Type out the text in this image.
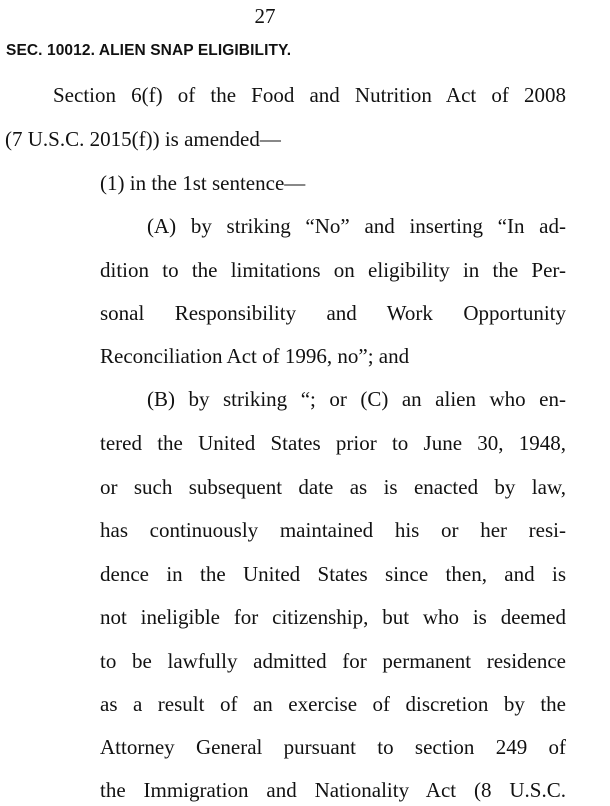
27
SEC. 10012. ALIEN SNAP ELIGIBILITY.
Section 6(f) of the Food and Nutrition Act of 2008
(7 U.S.C. 2015(f)) is amended—
(1) in the 1st sentence—
(A) by striking “No” and inserting “In ad-
dition to the limitations on eligibility in the Per-
sonal Responsibility and Work Opportunity
Reconciliation Act of 1996, no”; and
(B) by striking “; or (C) an alien who en-
tered the United States prior to June 30, 1948,
or such subsequent date as is enacted by law,
has continuously maintained his or her resi-
dence in the United States since then, and is
not ineligible for citizenship, but who is deemed
to be lawfully admitted for permanent residence
as a result of an exercise of discretion by the
Attorney General pursuant to section 249 of
the Immigration and Nationality Act (8 U.S.C.
